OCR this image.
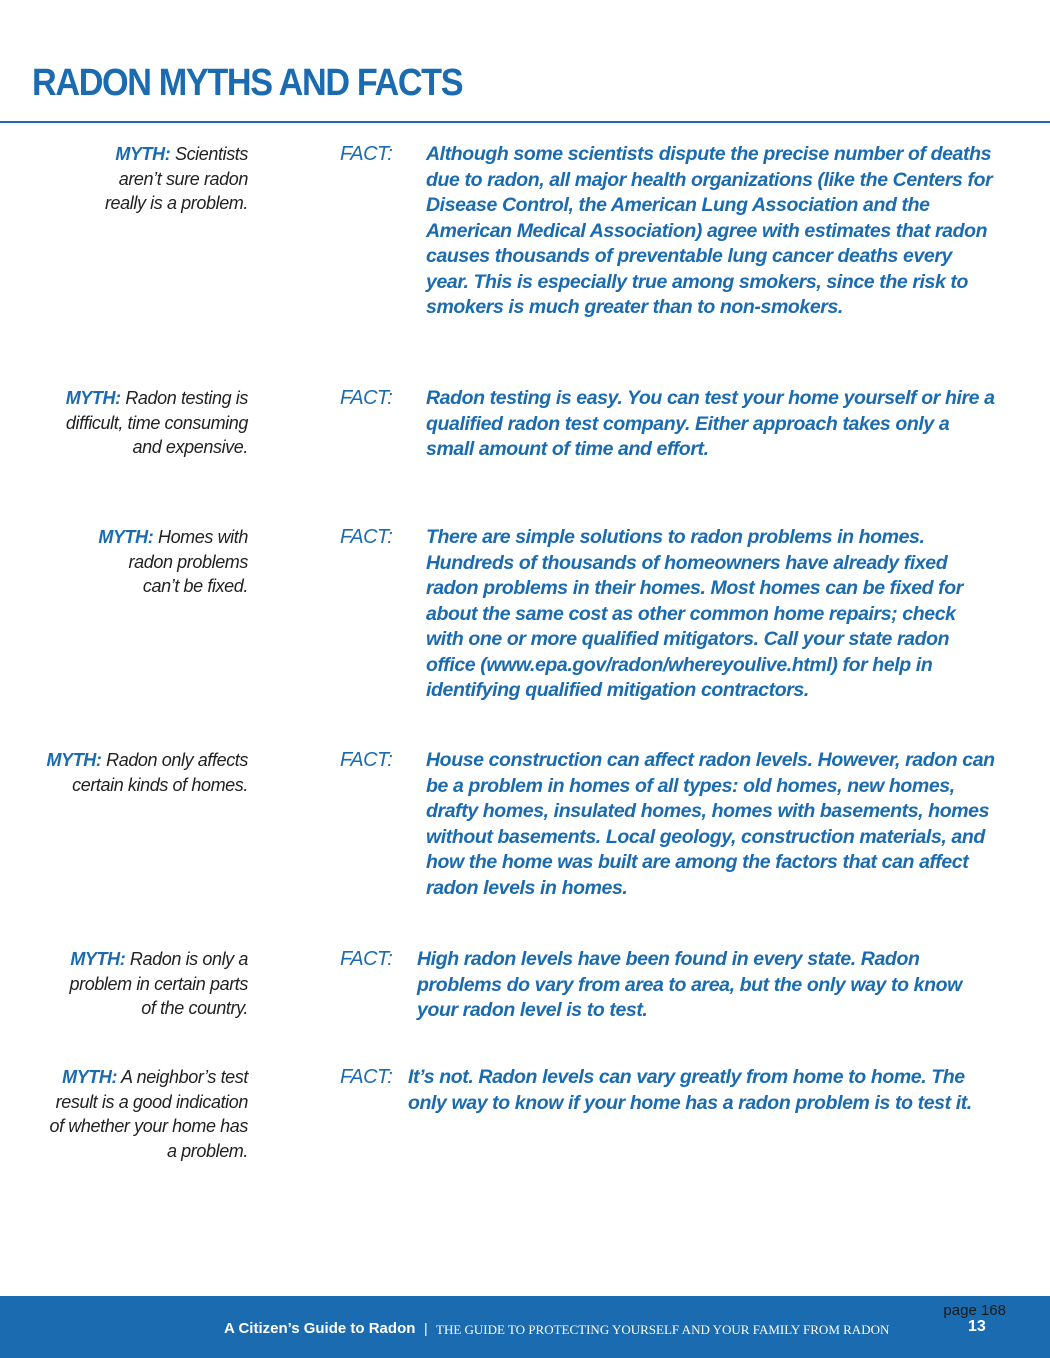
RADON MYTHS AND FACTS
MYTH: Scientists aren’t sure radon really is a problem.
FACT: Although some scientists dispute the precise number of deaths due to radon, all major health organizations (like the Centers for Disease Control, the American Lung Association and the American Medical Association) agree with estimates that radon causes thousands of preventable lung cancer deaths every year. This is especially true among smokers, since the risk to smokers is much greater than to non-smokers.

MYTH: Radon testing is difficult, time consuming and expensive.
FACT: Radon testing is easy. You can test your home yourself or hire a qualified radon test company. Either approach takes only a small amount of time and effort.

MYTH: Homes with radon problems can’t be fixed.
FACT: There are simple solutions to radon problems in homes. Hundreds of thousands of homeowners have already fixed radon problems in their homes. Most homes can be fixed for about the same cost as other common home repairs; check with one or more qualified mitigators. Call your state radon office (www.epa.gov/radon/whereyoulive.html) for help in identifying qualified mitigation contractors.

MYTH: Radon only affects certain kinds of homes.
FACT: House construction can affect radon levels. However, radon can be a problem in homes of all types: old homes, new homes, drafty homes, insulated homes, homes with basements, homes without basements. Local geology, construction materials, and how the home was built are among the factors that can affect radon levels in homes.

MYTH: Radon is only a problem in certain parts of the country.
FACT: High radon levels have been found in every state. Radon problems do vary from area to area, but the only way to know your radon level is to test.

MYTH: A neighbor’s test result is a good indication of whether your home has a problem.
FACT: It’s not. Radon levels can vary greatly from home to home. The only way to know if your home has a radon problem is to test it.

page 168
A Citizen’s Guide to Radon | THE GUIDE TO PROTECTING YOURSELF AND YOUR FAMILY FROM RADON	13
